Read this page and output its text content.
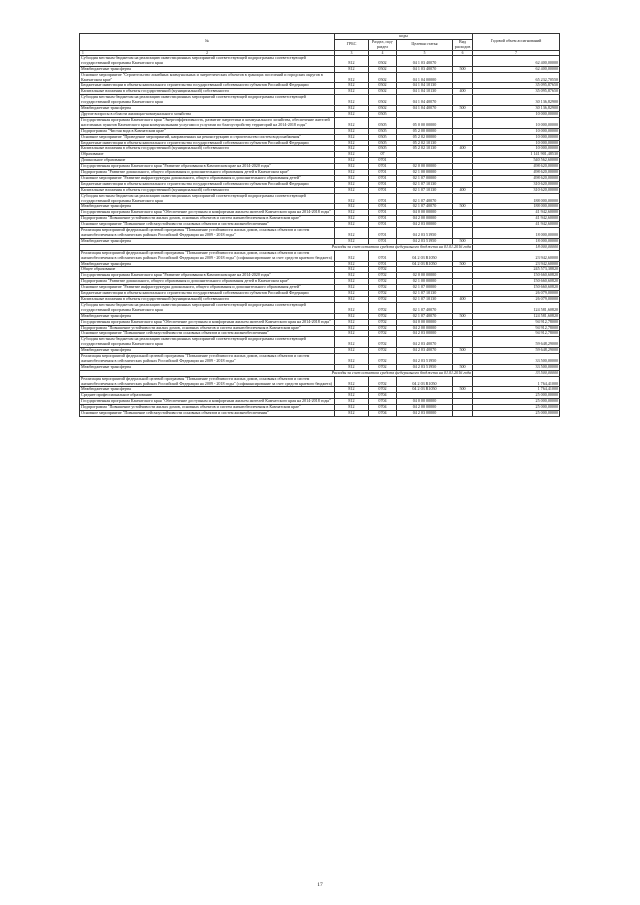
№	коды				Годовой объем ассигнований
	ГРБС	Раздел, под-раздел	Целевая статья	Вид расходов	

1 2	3	4	5	6	7
Субсидия местным бюджетам на реализацию инвестиционных мероприятий соответствующей подпрограммы соответствующей государственной программы Камчатского края	812	0502	04 1 03 40070		62 400,00000
Межбюджетные трансферты	812	0502	04 1 03 40070	500	62 400,00000
Основное мероприятие "Строительство линейных коммунальных и энергетических объектов в границах поселений и городских округов в Камчатском крае"	812	0502	04 1 04 00000		65 232,70550
Бюджетные инвестиции в объекты капитального строительства государственной собственности субъектов Российской Федерации	812	0502	04 1 04 10130		35 095,87650
Капитальные вложения в объекты государственной (муниципальной) собственности	812	0502	04 1 04 10130	400	35 095,87650
Субсидия местным бюджетам на реализацию инвестиционных мероприятий соответствующей подпрограммы соответствующей государственной программы Камчатского края	812	0502	04 1 04 40070		30 136,82900
Межбюджетные трансферты	812	0502	04 1 04 40070	500	30 136,82900
Другие вопросы в области жилищно-коммунального хозяйства	812	0505			10 000,00000
Государственная программа Камчатского края "Энергоэффективность, развитие энергетики и коммунального хозяйства, обеспечение жителей населенных пунктов Камчатского края коммунальными услугами и услугами по благоустройству территорий на 2014-2018 годы"	812	0505	05 0 00 00000		10 000,00000
Подпрограмма "Чистая вода в Камчатском крае"	812	0505	05 2 00 00000		10 000,00000
Основное мероприятие "Проведение мероприятий, направленных на реконструкцию и строительство систем водоснабжения"	812	0505	05 2 02 00000		10 000,00000
Бюджетные инвестиции в объекты капитального строительства государственной собственности субъектов Российской Федерации	812	0505	05 2 02 10130		10 000,00000
Капитальные вложения в объекты государственной (муниципальной) собственности	812	0505	05 2 02 10130	400	10 000,00000
Образование	812	07			1 141 901,48530
Дошкольное образование	812	0701			540 562,60000
Государственная программа Камчатского края "Развитие образования в Камчатском крае на 2014-2020 годы"	812	0701	02 0 00 00000		498 620,00000
Подпрограмма "Развитие дошкольного, общего образования и дополнительного образования детей в Камчатском крае"	812	0701	02 1 00 00000		498 620,00000
Основное мероприятие "Развитие инфраструктуры дошкольного, общего образования и дополнительного образования детей"	812	0701	02 1 07 00000		498 620,00000
Бюджетные инвестиции в объекты капитального строительства государственной собственности субъектов Российской Федерации	812	0701	02 1 07 10130		310 620,00000
Капитальные вложения в объекты государственной (муниципальной) собственности	812	0701	02 1 07 10130	400	310 620,00000
Субсидия местным бюджетам на реализацию инвестиционных мероприятий соответствующей подпрограммы соответствующей государственной программы Камчатского края	812	0701	02 1 07 40070		188 000,00000
Межбюджетные трансферты	812	0701	02 1 07 40070	500	188 000,00000
Государственная программа Камчатского края "Обеспечение доступным и комфортным жильем жителей Камчатского края на 2014-2018 годы"	812	0701	04 0 00 00000		41 942,60000
Подпрограмма "Повышение устойчивости жилых домов, основных объектов и систем жизнеобеспечения в Камчатском крае"	812	0701	04 2 00 00000		41 942,60000
Основное мероприятие "Повышение сейсмоустойчивости основных объектов и систем жизнеобеспечения"	812	0701	04 2 03 00000		41 942,60000
Реализация мероприятий федеральной целевой программы "Повышение устойчивости жилых домов, основных объектов и систем жизнеобеспечения в сейсмических районах Российской Федерации на 2009 - 2018 годы"	812	0701	04 2 03 51950		18 000,00000
Межбюджетные трансферты	812	0701	04 2 03 51950	500	18 000,00000
Расходы за счет остатков средств федерального бюджета на 01.01.2016 года					18 000,00000
Реализация мероприятий федеральной целевой программы "Повышение устойчивости жилых домов, основных объектов и систем жизнеобеспечения в сейсмических районах Российской Федерации на 2009 - 2018 годы" (софинансирование за счет средств краевого бюджета)	812	0701	04 2 03 R1050		23 942,60000
Межбюджетные трансферты	812	0701	04 2 03 R1050	500	23 942,60000
Общее образование	812	0702			245 573,38820
Государственная программа Камчатского края "Развитие образования в Камчатском крае на 2014-2020 годы"	812	0702	02 0 00 00000		150 660,60820
Подпрограмма "Развитие дошкольного, общего образования и дополнительного образования детей в Камчатском крае"	812	0702	02 1 00 00000		150 660,60820
Основное мероприятие "Развитие инфраструктуры дошкольного, общего образования и дополнительного образования детей"	812	0702	02 1 07 00000		150 660,60820
Бюджетные инвестиции в объекты капитального строительства государственной собственности субъектов Российской Федерации	812	0702	02 1 07 10130		26 079,00000
Капитальные вложения в объекты государственной (муниципальной) собственности	812	0702	02 1 07 10130	400	26 079,00000
Субсидия местным бюджетам на реализацию инвестиционных мероприятий соответствующей подпрограммы соответствующей государственной программы Камчатского края	812	0702	02 1 07 40070		124 581,60820
Межбюджетные трансферты	812	0702	02 1 07 40070	500	124 581,60820
Государственная программа Камчатского края "Обеспечение доступным и комфортным жильем жителей Камчатского края на 2014-2018 годы"	812	0702	04 0 00 00000		94 912,78000
Подпрограмма "Повышение устойчивости жилых домов, основных объектов и систем жизнеобеспечения в Камчатском крае"	812	0702	04 2 00 00000		94 912,78000
Основное мероприятие "Повышение сейсмоустойчивости основных объектов и систем жизнеобеспечения"	812	0702	04 2 03 00000		94 912,78000
Субсидия местным бюджетам на реализацию инвестиционных мероприятий соответствующей подпрограммы соответствующей государственной программы Камчатского края	812	0702	04 2 03 40070		59 648,29000
Межбюджетные трансферты	812	0702	04 2 03 40070	500	59 648,29000
Реализация мероприятий федеральной целевой программы "Повышение устойчивости жилых домов, основных объектов и систем жизнеобеспечения в сейсмических районах Российской Федерации на 2009 - 2018 годы"	812	0702	04 2 03 51950		33 500,00000
Межбюджетные трансферты	812	0702	04 2 03 51950	500	33 500,00000
Расходы за счет остатков средств федерального бюджета на 01.01.2016 года					33 500,00000
Реализация мероприятий федеральной целевой программы "Повышение устойчивости жилых домов, основных объектов и систем жизнеобеспечения в сейсмических районах Российской Федерации на 2009 - 2018 годы" (софинансирование за счет средств краевого бюджета)	812	0702	04 2 03 R1050		1 764,41000
Межбюджетные трансферты	812	0702	04 2 03 R1050	500	1 764,41000
Среднее профессиональное образование	812	0704			25 000,00000
Государственная программа Камчатского края "Обеспечение доступным и комфортным жильем жителей Камчатского края на 2014-2018 годы"	812	0704	04 0 00 00000		25 000,00000
Подпрограмма "Повышение устойчивости жилых домов, основных объектов и систем жизнеобеспечения в Камчатском крае"	812	0704	04 2 00 00000		25 000,00000
Основное мероприятие "Повышение сейсмоустойчивости основных объектов и систем жизнеобеспечения"	812	0704	04 2 03 00000		25 000,00000
17
